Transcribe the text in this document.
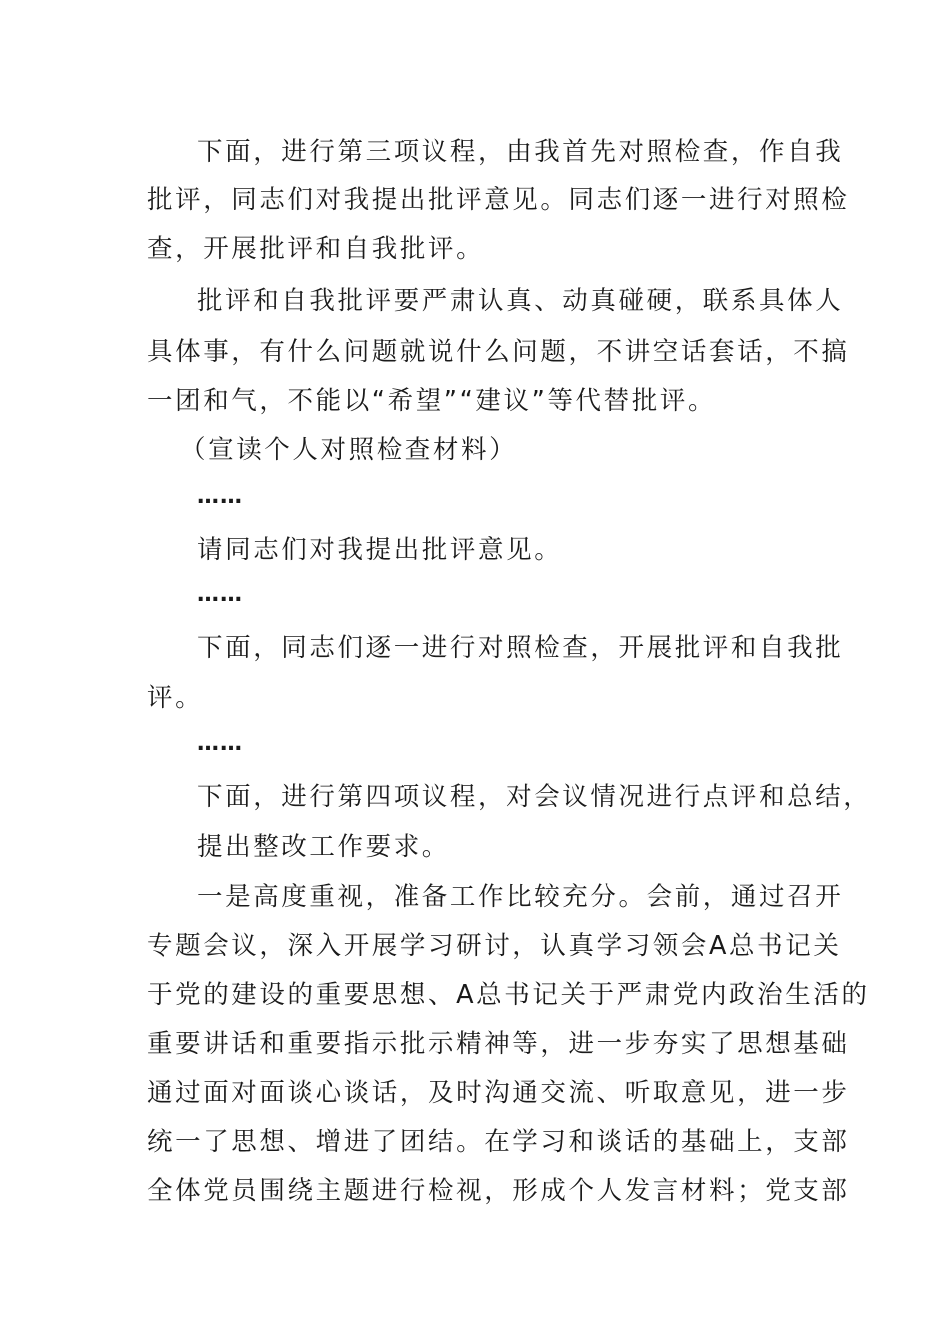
下面，进行第三项议程，由我首先对照检查，作自我
批评，同志们对我提出批评意见。同志们逐一进行对照检
查，开展批评和自我批评。
批评和自我批评要严肃认真、动真碰硬，联系具体人
具体事，有什么问题就说什么问题，不讲空话套话，不搞
一团和气，不能以“希望”“建议”等代替批评。
（宣读个人对照检查材料）
……
请同志们对我提出批评意见。
……
下面，同志们逐一进行对照检查，开展批评和自我批
评。
……
下面，进行第四项议程，对会议情况进行点评和总结，
提出整改工作要求。
一是高度重视，准备工作比较充分。会前，通过召开
专题会议，深入开展学习研讨，认真学习领会A总书记关
于党的建设的重要思想、A总书记关于严肃党内政治生活的
重要讲话和重要指示批示精神等，进一步夯实了思想基础
通过面对面谈心谈话，及时沟通交流、听取意见，进一步
统一了思想、增进了团结。在学习和谈话的基础上，支部
全体党员围绕主题进行检视，形成个人发言材料；党支部
